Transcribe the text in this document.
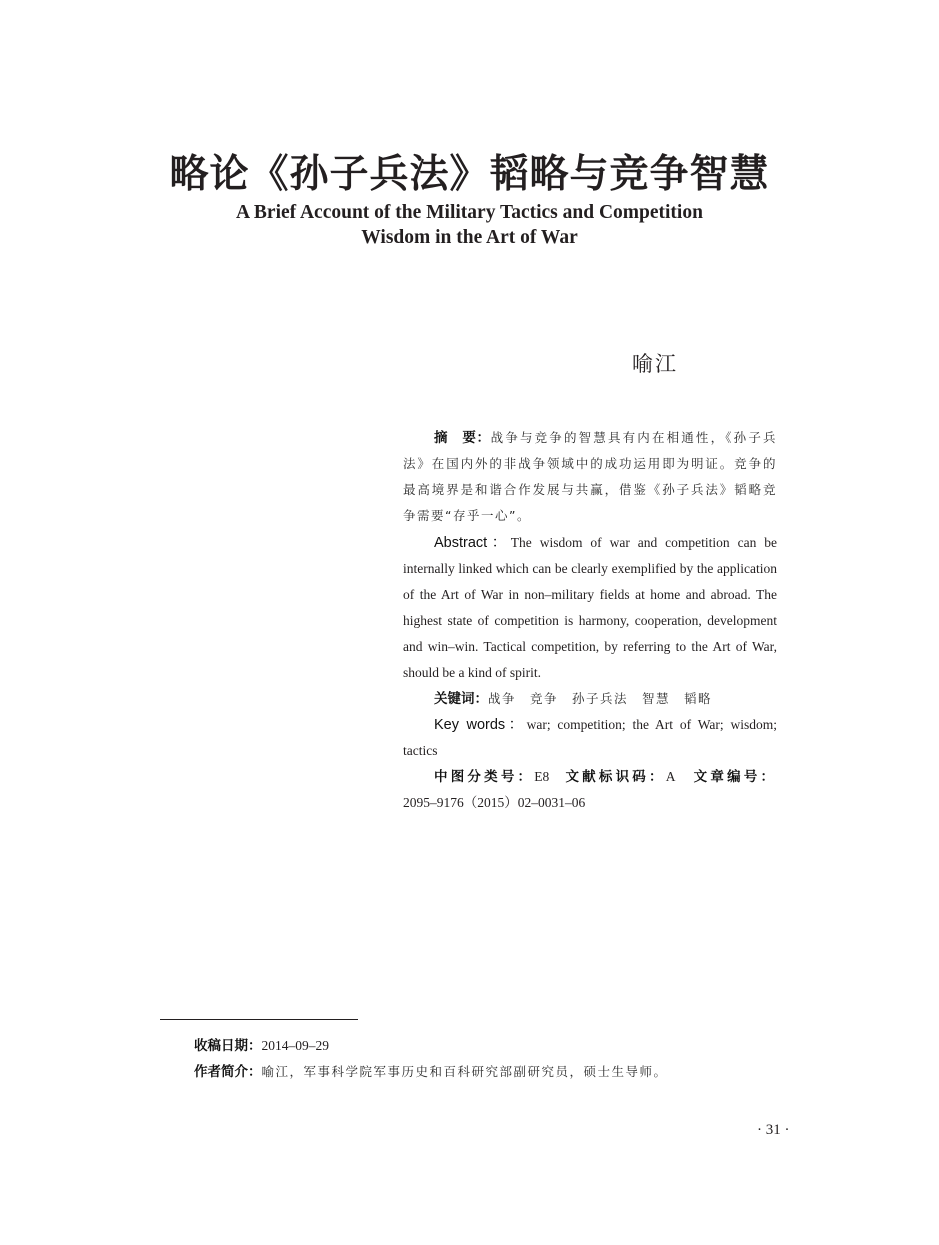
略论《孙子兵法》韬略与竞争智慧
A Brief Account of the Military Tactics and Competition
Wisdom in the Art of War
喻江

摘　要：战争与竞争的智慧具有内在相通性，《孙子兵法》在国内外的非战争领域中的成功运用即为明证。竞争的最高境界是和谐合作发展与共赢，借鉴《孙子兵法》韬略竞争需要“存乎一心”。

Abstract：The wisdom of war and competition can be internally linked which can be clearly exemplified by the application of the Art of War in non–military fields at home and abroad. The highest state of competition is harmony, cooperation, development and win–win. Tactical competition, by referring to the Art of War, should be a kind of spirit.

关键词：战争　竞争　孙子兵法　智慧　韬略

Key words：war; competition; the Art of War; wisdom; tactics

中图分类号：E8 文献标识码：A 文章编号：2095–9176（2015）02–0031–06

收稿日期：2014–09–29
作者简介：喻江，军事科学院军事历史和百科研究部副研究员，硕士生导师。
· 31 ·
